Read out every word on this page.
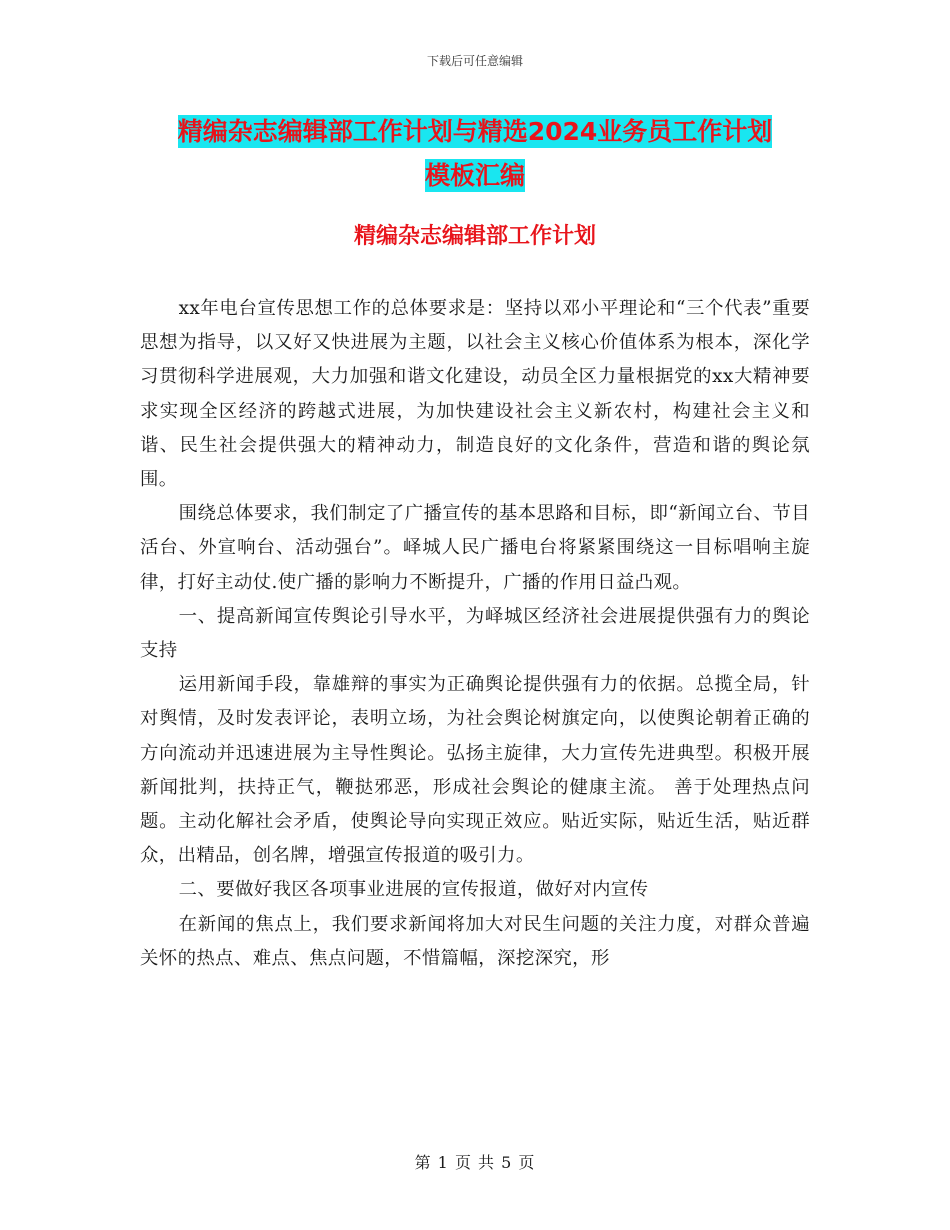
下载后可任意编辑
精编杂志编辑部工作计划与精选2024业务员工作计划
模板汇编
精编杂志编辑部工作计划

xx年电台宣传思想工作的总体要求是：坚持以邓小平理论和“三个代表”重要思想为指导，以又好又快进展为主题，以社会主义核心价值体系为根本，深化学习贯彻科学进展观，大力加强和谐文化建设，动员全区力量根据党的xx大精神要求实现全区经济的跨越式进展，为加快建设社会主义新农村，构建社会主义和谐、民生社会提供强大的精神动力，制造良好的文化条件，营造和谐的舆论氛围。

围绕总体要求，我们制定了广播宣传的基本思路和目标，即“新闻立台、节目活台、外宣响台、活动强台”。峄城人民广播电台将紧紧围绕这一目标唱响主旋律，打好主动仗.使广播的影响力不断提升，广播的作用日益凸观。

一、提高新闻宣传舆论引导水平，为峄城区经济社会进展提供强有力的舆论支持

运用新闻手段，靠雄辩的事实为正确舆论提供强有力的依据。总揽全局，针对舆情，及时发表评论，表明立场，为社会舆论树旗定向，以使舆论朝着正确的方向流动并迅速进展为主导性舆论。弘扬主旋律，大力宣传先进典型。积极开展新闻批判，扶持正气，鞭挞邪恶，形成社会舆论的健康主流。 善于处理热点问题。主动化解社会矛盾，使舆论导向实现正效应。贴近实际，贴近生活，贴近群众，出精品，创名牌，增强宣传报道的吸引力。

二、要做好我区各项事业进展的宣传报道，做好对内宣传

在新闻的焦点上，我们要求新闻将加大对民生问题的关注力度，对群众普遍关怀的热点、难点、焦点问题，不惜篇幅，深挖深究，形

第 1 页 共 5 页
